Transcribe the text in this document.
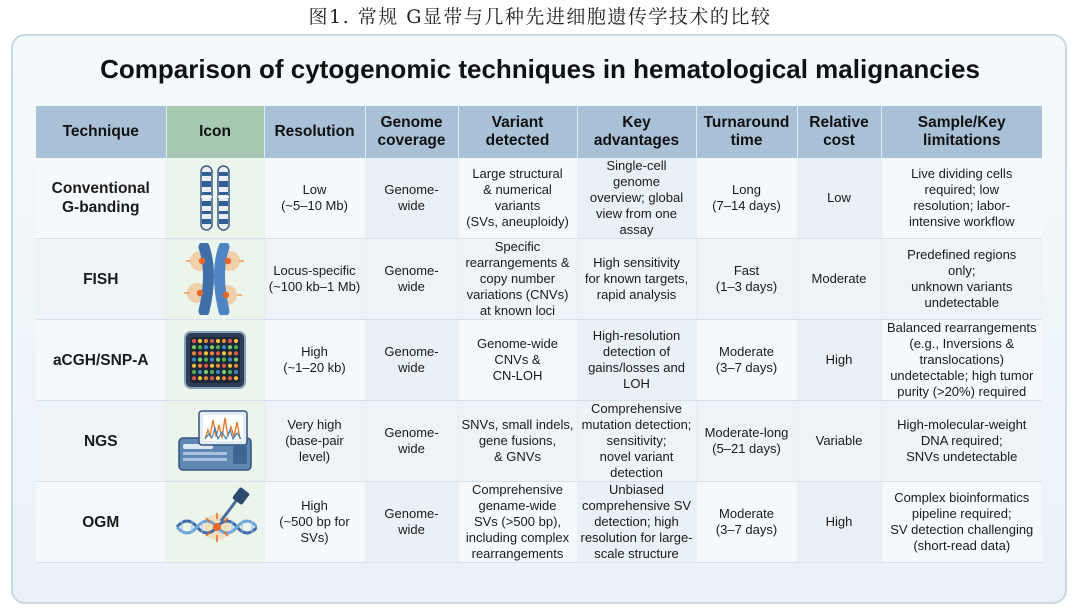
图1. 常规 G显带与几种先进细胞遗传学技术的比较
Comparison of cytogenomic techniques in hematological malignancies
Technique	Icon	Resolution	Genome
coverage	Variant
detected	Key
advantages	Turnaround
time	Relative
cost	Sample/Key
limitations
Conventional
G-banding		Low
(~5–10 Mb)	Genome-
wide	Large structural
& numerical
variants
(SVs, aneuploidy)	Single-cell
genome
overview; global
view from one
assay	Long
(7–14 days)	Low	Live dividing cells
required; low
resolution; labor-
intensive workflow
FISH		Locus-specific
(~100 kb–1 Mb)	Genome-
wide	Specific
rearrangements &
copy number
variations (CNVs)
at known loci	High sensitivity
for known targets,
rapid analysis	Fast
(1–3 days)	Moderate	Predefined regions
only;
unknown variants
undetectable
aCGH/SNP-A		High
(~1–20 kb)	Genome-
wide	Genome-wide
CNVs &
CN-LOH	High-resolution
detection of
gains/losses and
LOH	Moderate
(3–7 days)	High	Balanced rearrangements
(e.g., Inversions &
translocations)
undetectable; high tumor
purity (>20%) required
NGS		Very high
(base-pair
level)	Genome-
wide	SNVs, small indels,
gene fusions,
& GNVs	Comprehensive
mutation detection;
sensitivity;
novel variant
detection	Moderate-long
(5–21 days)	Variable	High-molecular-weight
DNA required;
SNVs undetectable
OGM		High
(~500 bp for
SVs)	Genome-
wide	Comprehensive
gename-wide
SVs (>500 bp),
including complex
rearrangements	Unbiased
comprehensive SV
detection; high
resolution for large-
scale structure	Moderate
(3–7 days)	High	Complex bioinformatics
pipeline required;
SV detection challenging
(short-read data)
